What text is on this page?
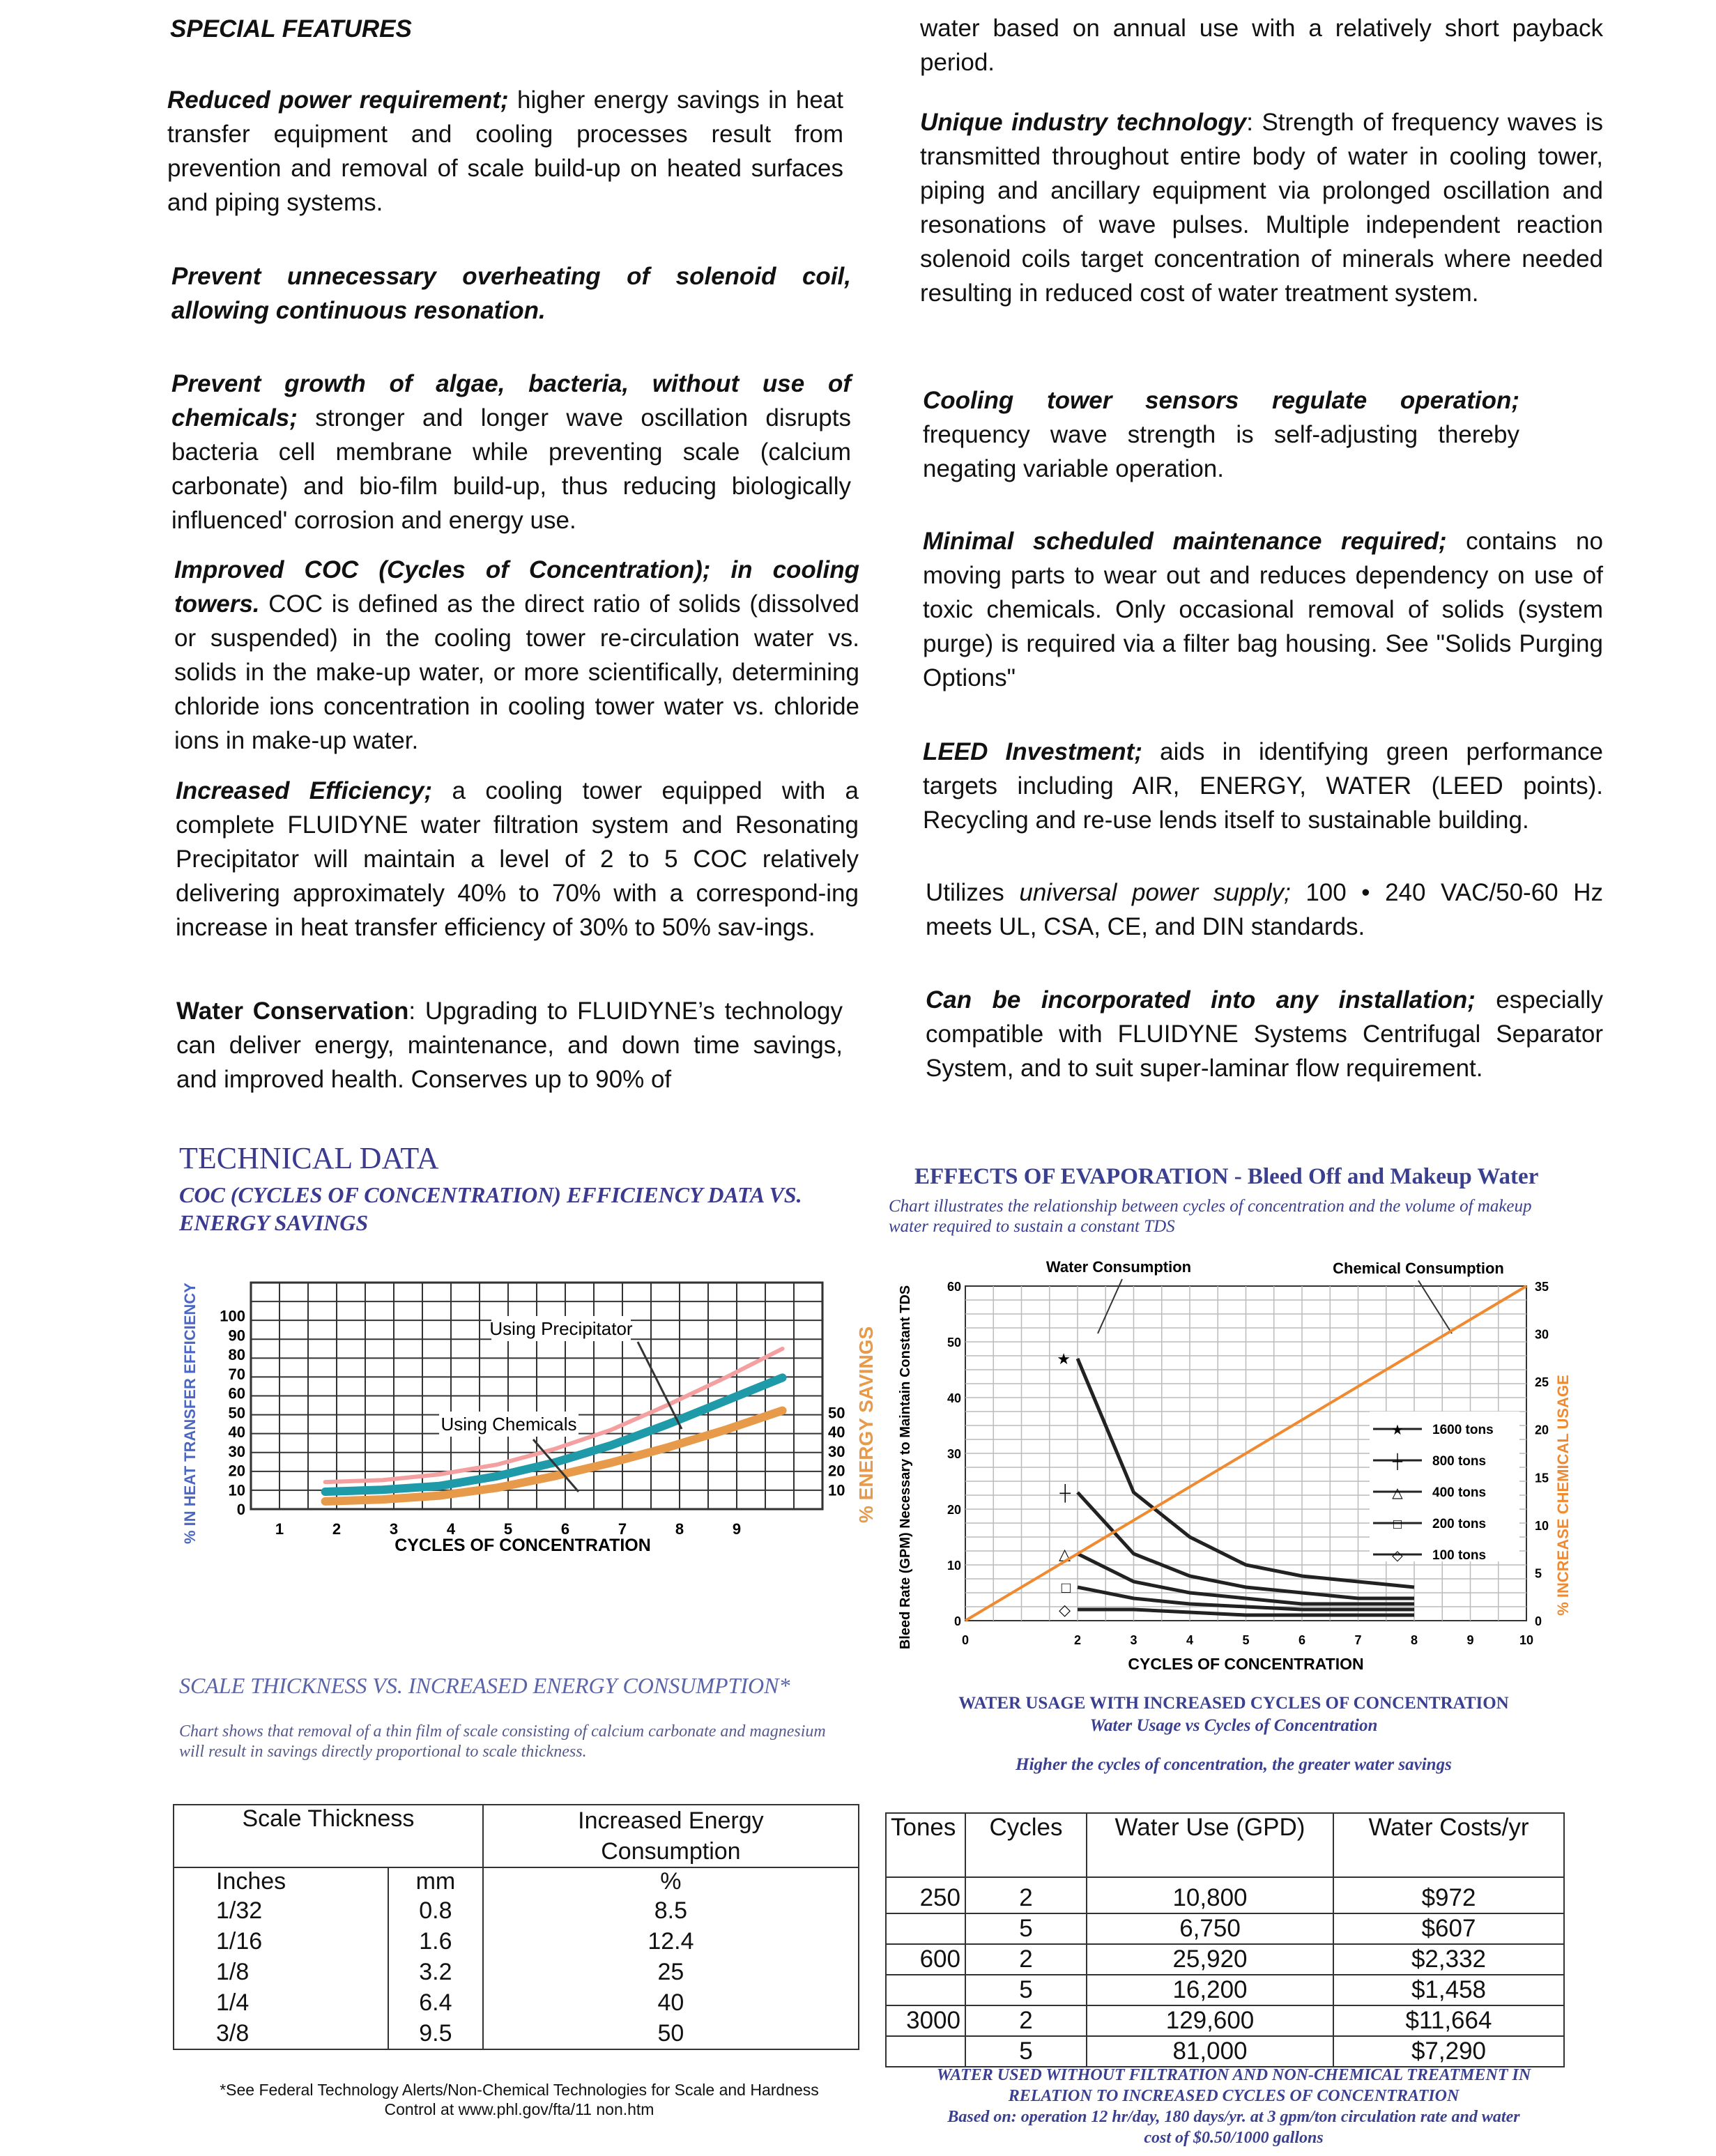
SPECIAL FEATURES
Reduced power requirement; higher energy savings in heat transfer equipment and cooling processes result from prevention and removal of scale build-up on heated surfaces and piping systems.
Prevent unnecessary overheating of solenoid coil, allowing continuous resonation.
Prevent growth of algae, bacteria, without use of chemicals; stronger and longer wave oscillation disrupts bacteria cell membrane while preventing scale (calcium carbonate) and bio-film build-up, thus reducing biologically influenced' corrosion and energy use.
Improved COC (Cycles of Concentration); in cooling towers. COC is defined as the direct ratio of solids (dissolved or suspended) in the cooling tower re-circulation water vs. solids in the make-up water, or more scientifically, determining chloride ions concentration in cooling tower water vs. chloride ions in make-up water.
Increased Efficiency; a cooling tower equipped with a complete FLUIDYNE water filtration system and Resonating Precipitator will maintain a level of 2 to 5 COC relatively delivering approximately 40% to 70% with a correspond-ing increase in heat transfer efficiency of 30% to 50% sav-ings.
Water Conservation: Upgrading to FLUIDYNE’s technology can deliver energy, maintenance, and down time savings, and improved health. Conserves up to 90% of
water based on annual use with a relatively short payback period.
Unique industry technology: Strength of frequency waves is transmitted throughout entire body of water in cooling tower, piping and ancillary equipment via prolonged oscillation and resonations of wave pulses. Multiple independent reaction solenoid coils target concentration of minerals where needed resulting in reduced cost of water treatment system.
Cooling tower sensors regulate operation; frequency wave strength is self-adjusting thereby negating variable operation.
Minimal scheduled maintenance required; contains no moving parts to wear out and reduces dependency on use of toxic chemicals. Only occasional removal of solids (system purge) is required via a filter bag housing. See "Solids Purging Options"
LEED Investment; aids in identifying green performance targets including AIR, ENERGY, WATER (LEED points). Recycling and re-use lends itself to sustainable building.
Utilizes universal power supply; 100 • 240 VAC/50-60 Hz meets UL, CSA, CE, and DIN standards.
Can be incorporated into any installation; especially compatible with FLUIDYNE Systems Centrifugal Separator System, and to suit super-laminar flow requirement.
TECHNICAL DATA
COC (CYCLES OF CONCENTRATION) EFFICIENCY DATA VS.
ENERGY SAVINGS
0
10
20
30
40
50
60
70
80
90
100
10
20
30
40
50
1	2	3	4	5	6	7	8	9
CYCLES OF CONCENTRATION
% IN HEAT TRANSFER EFFICIENCY	% ENERGY SAVINGS
Using Precipitator
Using Chemicals
EFFECTS OF EVAPORATION - Bleed Off and Makeup Water
Chart illustrates the relationship between cycles of concentration and the volume of makeup water required to sustain a constant TDS
0
10
20
30
40
50
60
0
5
10
15
20
25
30
35
0	2	3	4	5	6	7	8	9	10
CYCLES OF CONCENTRATION
Bleed Rate (GPM) Necessary to Maintain Constant TDS	% INCREASE CHEMICAL USAGE
Water Consumption	Chemical Consumption
★
┼
△
□
◇
★ 1600 tons
┼ 800 tons
△ 400 tons
□ 200 tons
◇ 100 tons
SCALE THICKNESS VS. INCREASED ENERGY CONSUMPTION*
Chart shows that removal of a thin film of scale consisting of calcium carbonate and magnesium
will result in savings directly proportional to scale thickness.
Scale Thickness		Increased Energy
Consumption

Inches	mm	%
1/32	0.8	8.5
1/16	1.6	12.4
1/8	3.2	25
1/4	6.4	40
3/8	9.5	50
*See Federal Technology Alerts/Non-Chemical Technologies for Scale and Hardness
Control at www.phl.gov/fta/11 non.htm
WATER USAGE WITH INCREASED CYCLES OF CONCENTRATION
Water Usage vs Cycles of Concentration
Higher the cycles of concentration, the greater water savings
Tones	Cycles	Water Use (GPD)	Water Costs/yr
250	2	10,800	$972
	5	6,750	$607
600	2	25,920	$2,332
	5	16,200	$1,458
3000	2	129,600	$11,664
	5	81,000	$7,290
WATER USED WITHOUT FILTRATION AND NON-CHEMICAL TREATMENT IN
RELATION TO INCREASED CYCLES OF CONCENTRATION
Based on: operation 12 hr/day, 180 days/yr. at 3 gpm/ton circulation rate and water
cost of $0.50/1000 gallons
